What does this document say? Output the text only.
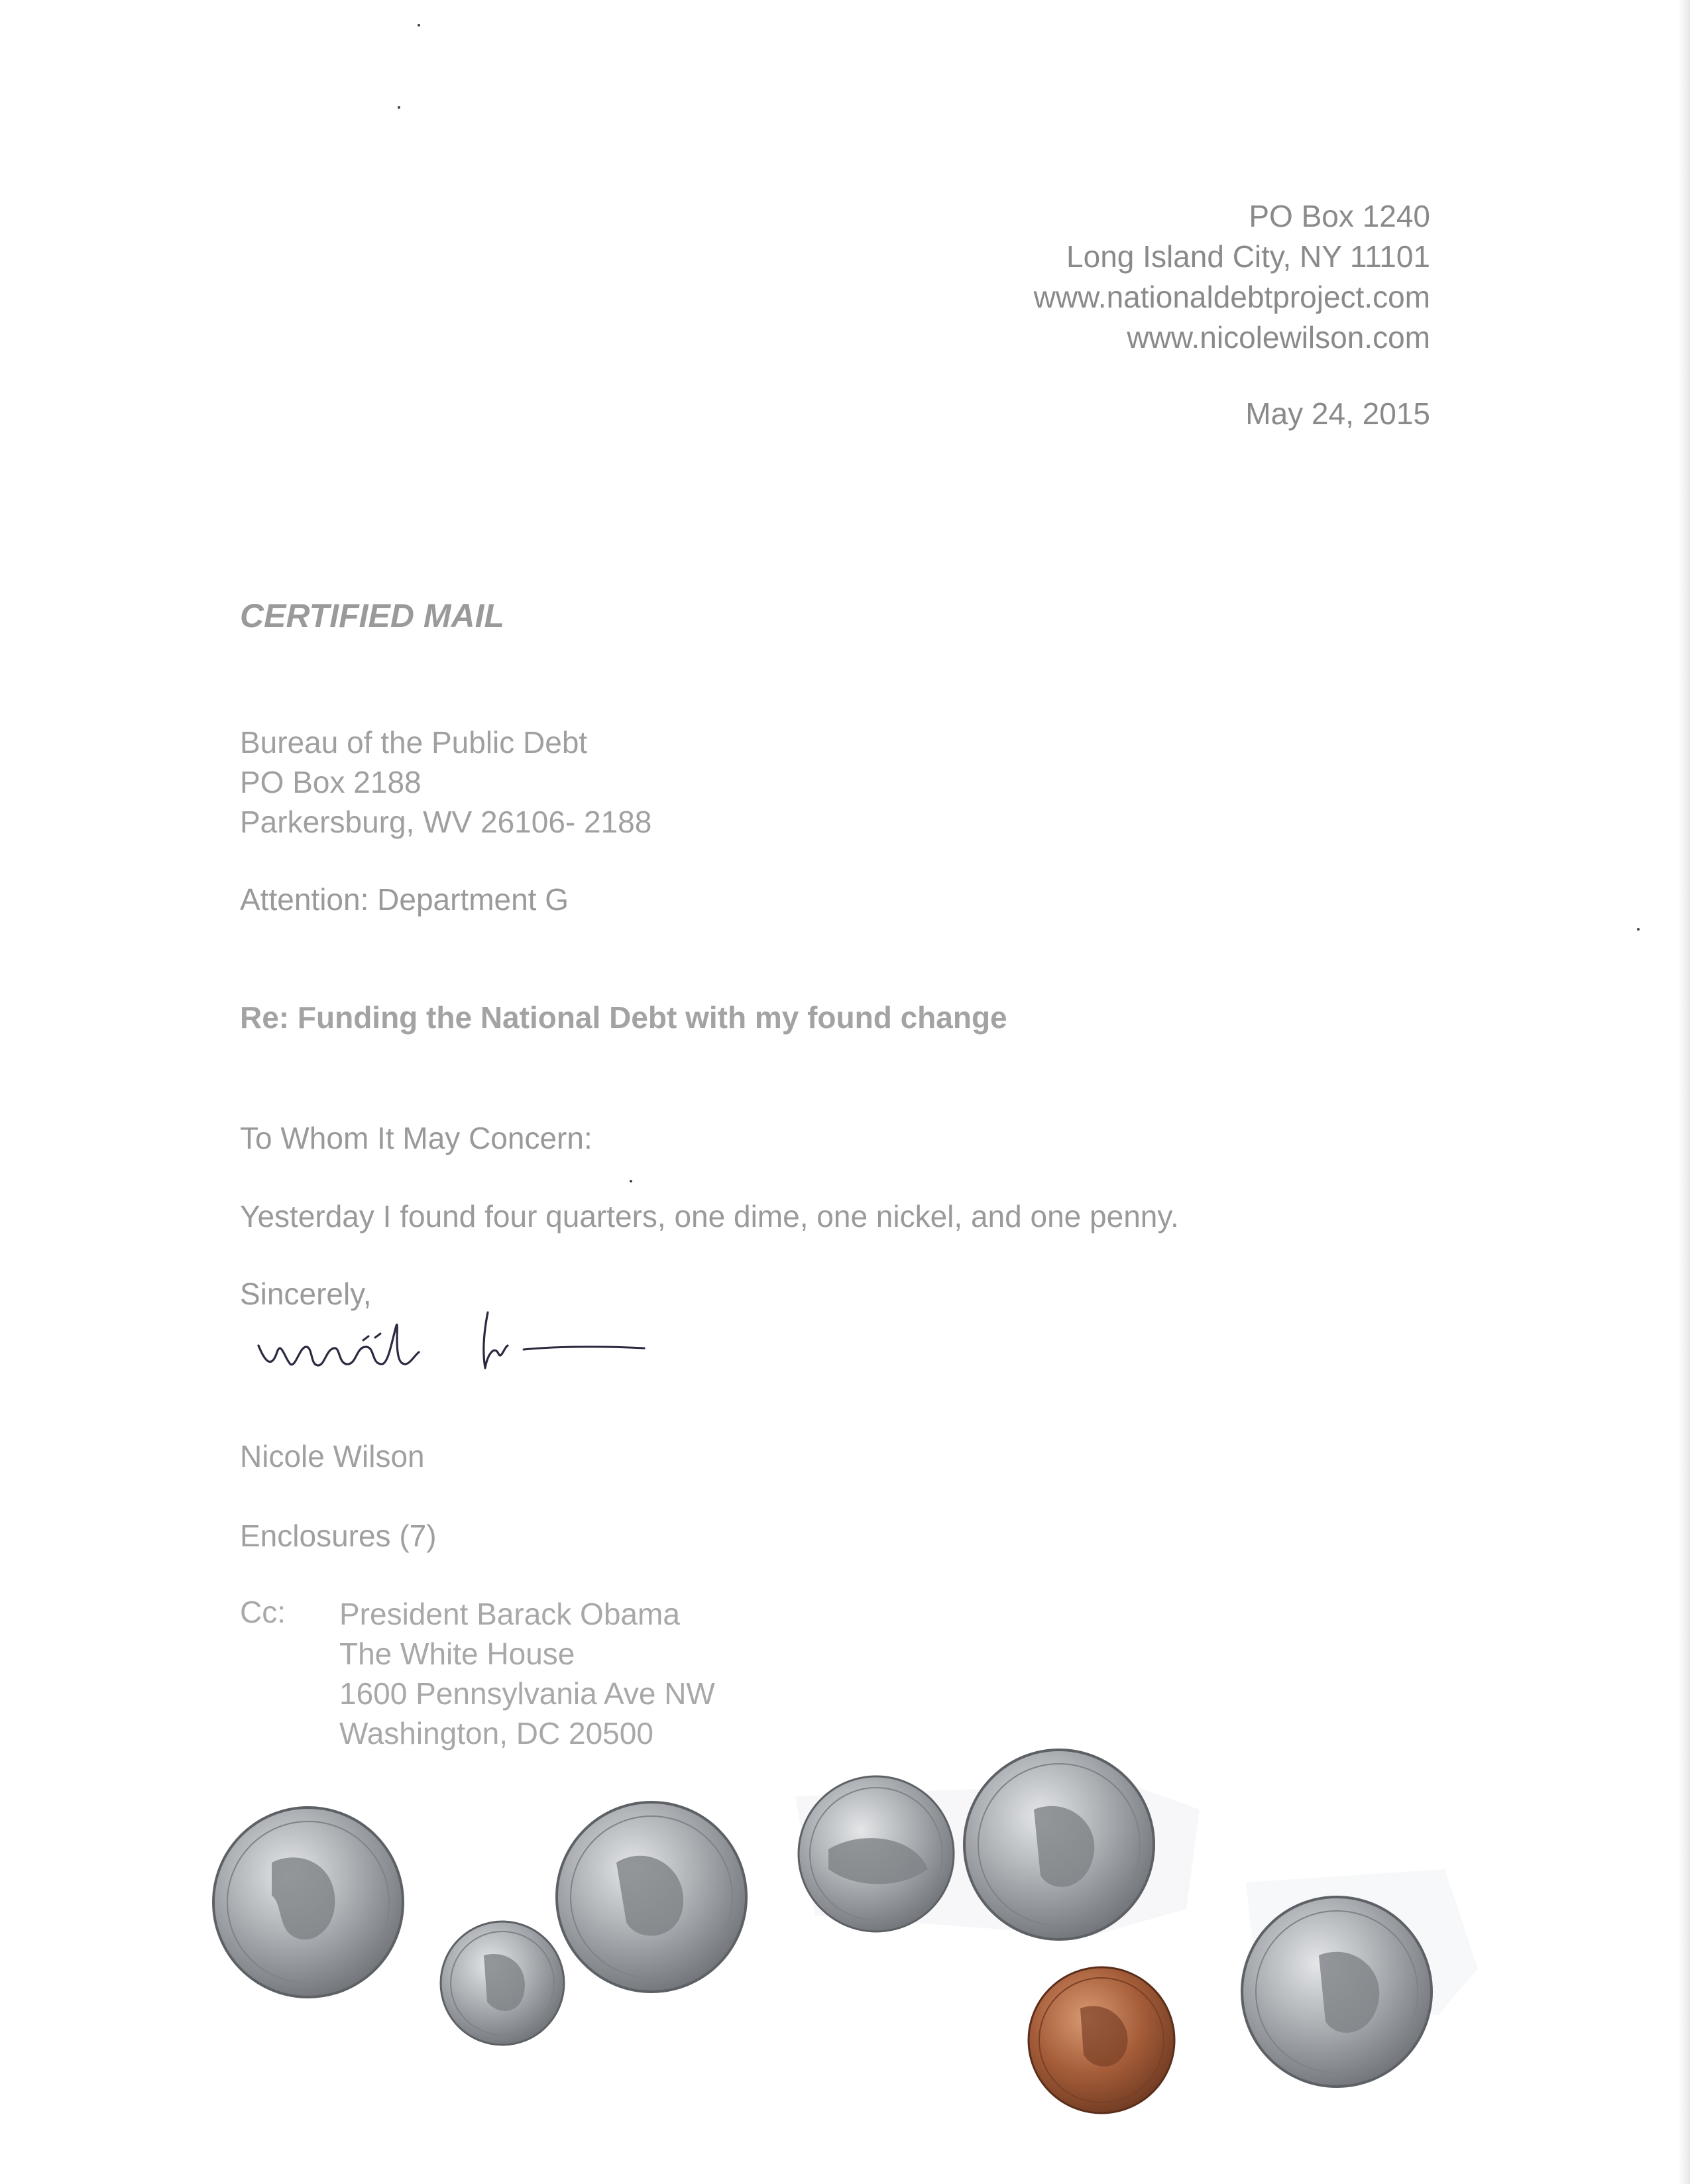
PO Box 1240
Long Island City, NY 11101
www.nationaldebtproject.com
www.nicolewilson.com
May 24, 2015
CERTIFIED MAIL
Bureau of the Public Debt
PO Box 2188
Parkersburg, WV 26106- 2188
Attention: Department G
Re: Funding the National Debt with my found change
To Whom It May Concern:
Yesterday I found four quarters, one dime, one nickel, and one penny.
Sincerely,
Nicole Wilson
Enclosures (7)
Cc: President Barack Obama
The White House
1600 Pennsylvania Ave NW
Washington, DC 20500
